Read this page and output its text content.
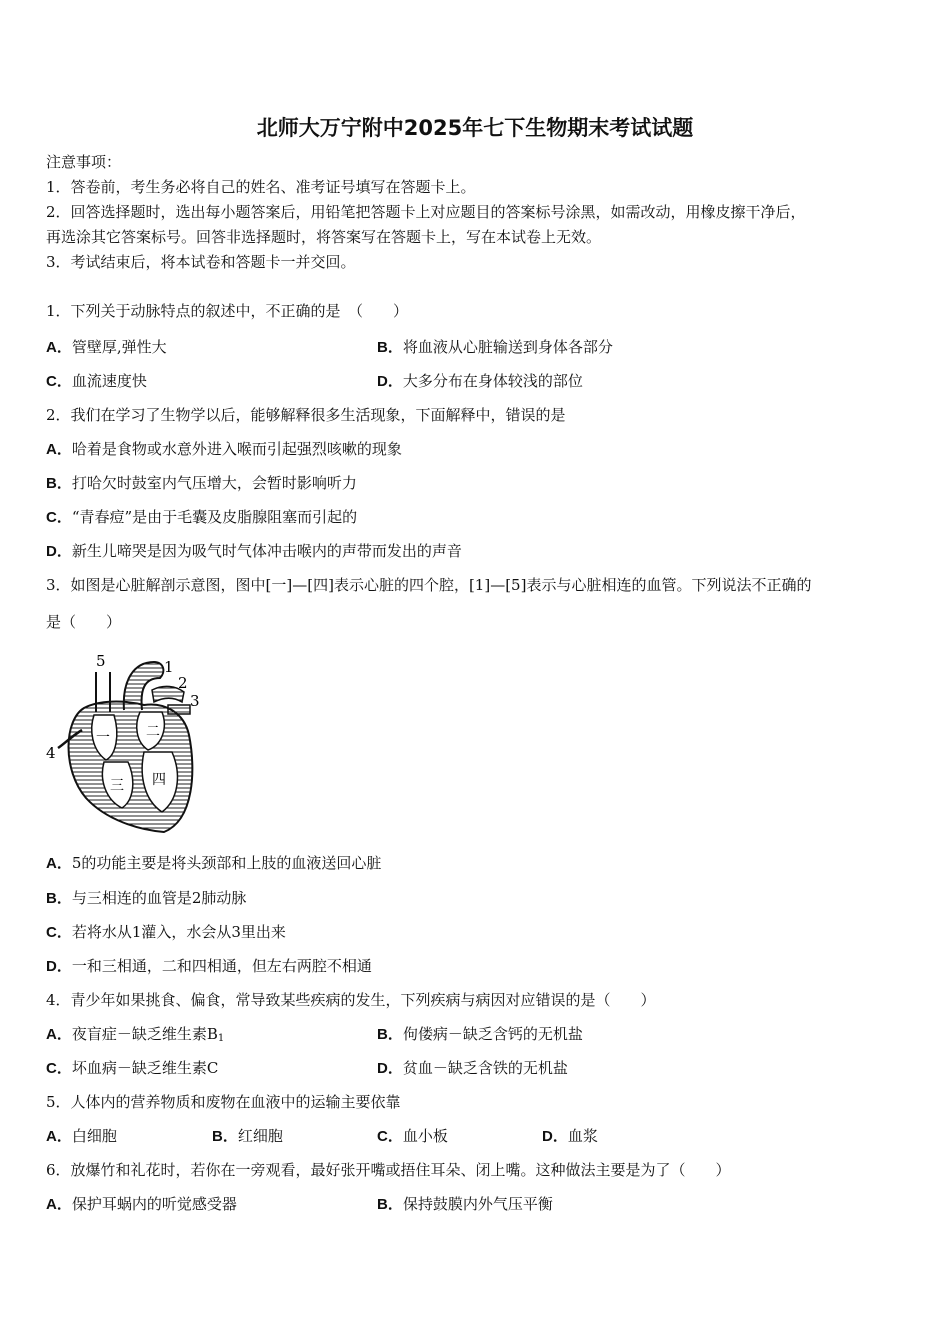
北师大万宁附中2025年七下生物期末考试试题
注意事项：
1．答卷前，考生务必将自己的姓名、准考证号填写在答题卡上。
2．回答选择题时，选出每小题答案后，用铅笔把答题卡上对应题目的答案标号涂黑，如需改动，用橡皮擦干净后，
再选涂其它答案标号。回答非选择题时，将答案写在答题卡上，写在本试卷上无效。
3．考试结束后，将本试卷和答题卡一并交回。
1．下列关于动脉特点的叙述中，不正确的是　（　　）
A．管壁厚,弹性大	B．将血液从心脏输送到身体各部分
C．血流速度快	D．大多分布在身体较浅的部位
2．我们在学习了生物学以后，能够解释很多生活现象，下面解释中，错误的是
A．哈着是食物或水意外进入喉而引起强烈咳嗽的现象
B．打哈欠时鼓室内气压增大，会暂时影响听力
C．“青春痘”是由于毛囊及皮脂腺阻塞而引起的
D．新生儿啼哭是因为吸气时气体冲击喉内的声带而发出的声音
3．如图是心脏解剖示意图，图中[一]—[四]表示心脏的四个腔，[1]—[5]表示与心脏相连的血管。下列说法不正确的
是（　　）
5	1
2
3
4
一	二
三 四
A．5的功能主要是将头颈部和上肢的血液送回心脏
B．与三相连的血管是2肺动脉
C．若将水从1灌入，水会从3里出来
D．一和三相通，二和四相通，但左右两腔不相通
4．青少年如果挑食、偏食，常导致某些疾病的发生，下列疾病与病因对应错误的是（　　）
A．夜盲症－缺乏维生素$B_1$	B．佝偻病－缺乏含钙的无机盐
C．坏血病－缺乏维生素C	D．贫血－缺乏含铁的无机盐
5．人体内的营养物质和废物在血液中的运输主要依靠
A．白细胞	B．红细胞	C．血小板	D．血浆
6．放爆竹和礼花时，若你在一旁观看，最好张开嘴或捂住耳朵、闭上嘴。这种做法主要是为了（　　）
A．保护耳蜗内的听觉感受器	B．保持鼓膜内外气压平衡
